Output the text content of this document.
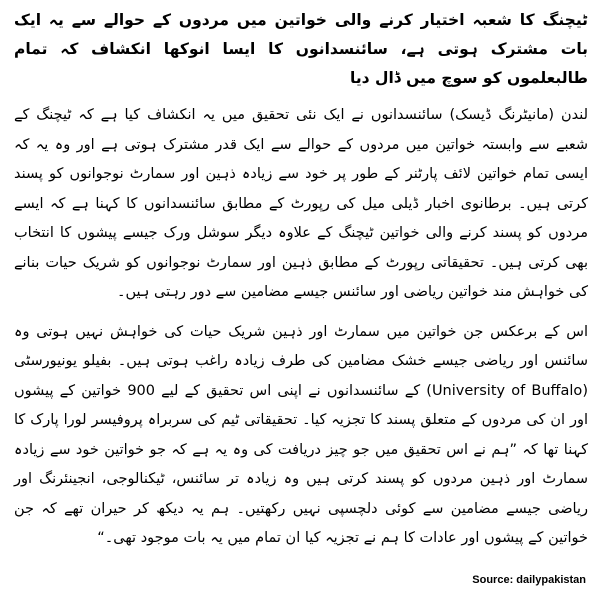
ٹیچنگ کا شعبہ اختیار کرنے والی خواتین میں مردوں کے حوالے سے یہ ایک بات مشترک ہوتی ہے، سائنسدانوں کا ایسا انوکھا انکشاف کہ تمام طالبعلموں کو سوچ میں ڈال دیا

لندن (مانیٹرنگ ڈیسک) سائنسدانوں نے ایک نئی تحقیق میں یہ انکشاف کیا ہے کہ ٹیچنگ کے شعبے سے وابستہ خواتین میں مردوں کے حوالے سے ایک قدر مشترک ہوتی ہے اور وہ یہ کہ ایسی تمام خواتین لائف پارٹنر کے طور پر خود سے زیادہ ذہین اور سمارٹ نوجوانوں کو پسند کرتی ہیں۔ برطانوی اخبار ڈیلی میل کی رپورٹ کے مطابق سائنسدانوں کا کہنا ہے کہ ایسے مردوں کو پسند کرنے والی خواتین ٹیچنگ کے علاوہ دیگر سوشل ورک جیسے پیشوں کا انتخاب بھی کرتی ہیں۔ تحقیقاتی رپورٹ کے مطابق ذہین اور سمارٹ نوجوانوں کو شریک حیات بنانے کی خواہش مند خواتین ریاضی اور سائنس جیسے مضامین سے دور رہتی ہیں۔

اس کے برعکس جن خواتین میں سمارٹ اور ذہین شریک حیات کی خواہش نہیں ہوتی وہ سائنس اور ریاضی جیسے خشک مضامین کی طرف زیادہ راغب ہوتی ہیں۔ بفیلو یونیورسٹی (University of Buffalo) کے سائنسدانوں نے اپنی اس تحقیق کے لیے 900 خواتین کے پیشوں اور ان کی مردوں کے متعلق پسند کا تجزیہ کیا۔ تحقیقاتی ٹیم کی سربراہ پروفیسر لورا پارک کا کہنا تھا کہ ”ہم نے اس تحقیق میں جو چیز دریافت کی وہ یہ ہے کہ جو خواتین خود سے زیادہ سمارٹ اور ذہین مردوں کو پسند کرتی ہیں وہ زیادہ تر سائنس، ٹیکنالوجی، انجینئرنگ اور ریاضی جیسے مضامین سے کوئی دلچسپی نہیں رکھتیں۔ ہم یہ دیکھ کر حیران تھے کہ جن خواتین کے پیشوں اور عادات کا ہم نے تجزیہ کیا ان تمام میں یہ بات موجود تھی۔“

Source: dailypakistan
